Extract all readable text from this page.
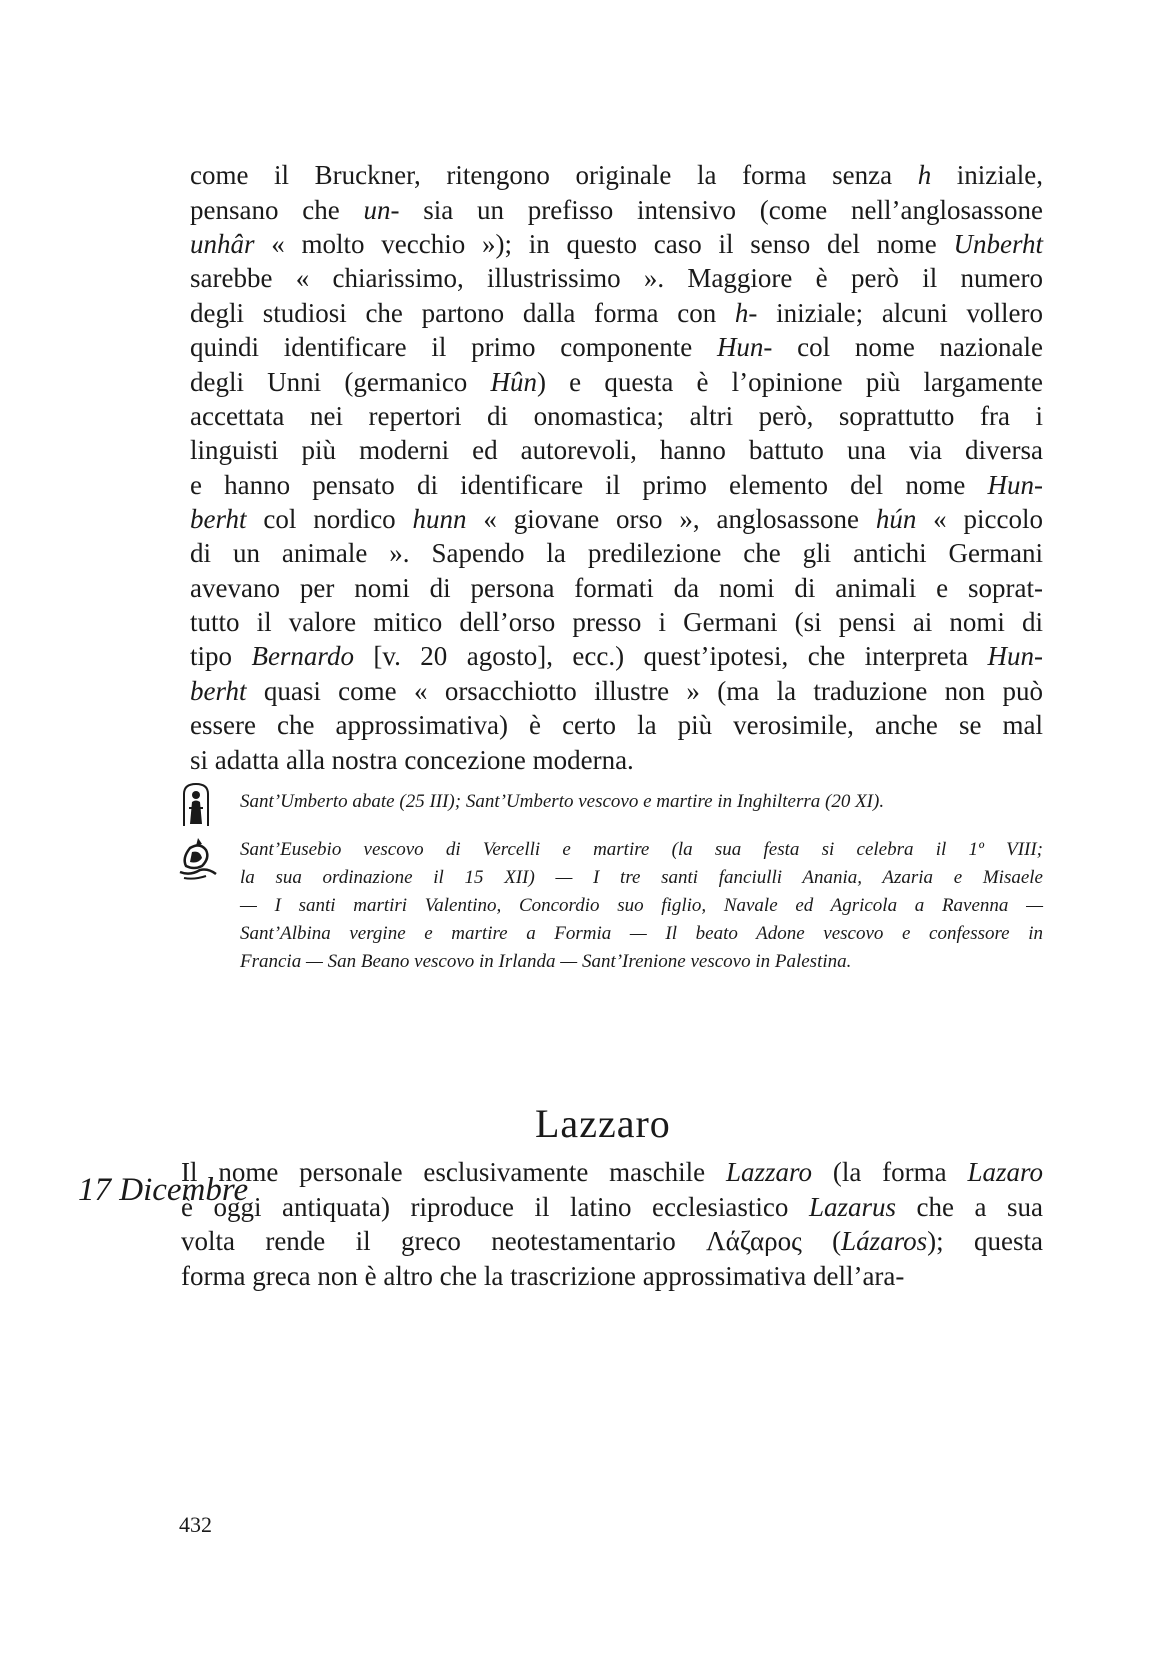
come il Bruckner, ritengono originale la forma senza h iniziale,
pensano che un- sia un prefisso intensivo (come nell’anglosassone
unhâr « molto vecchio »); in questo caso il senso del nome Unberht
sarebbe « chiarissimo, illustrissimo ». Maggiore è però il numero
degli studiosi che partono dalla forma con h- iniziale; alcuni vollero
quindi identificare il primo componente Hun- col nome nazionale
degli Unni (germanico Hûn) e questa è l’opinione più largamente
accettata nei repertori di onomastica; altri però, soprattutto fra i
linguisti più moderni ed autorevoli, hanno battuto una via diversa
e hanno pensato di identificare il primo elemento del nome Hun-
berht col nordico hunn « giovane orso », anglosassone hún « piccolo
di un animale ». Sapendo la predilezione che gli antichi Germani
avevano per nomi di persona formati da nomi di animali e soprat-
tutto il valore mitico dell’orso presso i Germani (si pensi ai nomi di
tipo Bernardo [v. 20 agosto], ecc.) quest’ipotesi, che interpreta Hun-
berht quasi come « orsacchiotto illustre » (ma la traduzione non può
essere che approssimativa) è certo la più verosimile, anche se mal
si adatta alla nostra concezione moderna.
Sant’Umberto abate (25 III); Sant’Umberto vescovo e martire in Inghilterra (20 XI).
Sant’Eusebio vescovo di Vercelli e martire (la sua festa si celebra il 1º VIII;
la sua ordinazione il 15 XII) — I tre santi fanciulli Anania, Azaria e Misaele
— I santi martiri Valentino, Concordio suo figlio, Navale ed Agricola a Ravenna —
Sant’Albina vergine e martire a Formia — Il beato Adone vescovo e confessore in
Francia — San Beano vescovo in Irlanda — Sant’Irenione vescovo in Palestina.
Lazzaro
17 Dicembre
Il nome personale esclusivamente maschile Lazzaro (la forma Lazaro
è oggi antiquata) riproduce il latino ecclesiastico Lazarus che a sua
volta rende il greco neotestamentario Λάζαρος (Lázaros); questa
forma greca non è altro che la trascrizione approssimativa dell’ara-
432
